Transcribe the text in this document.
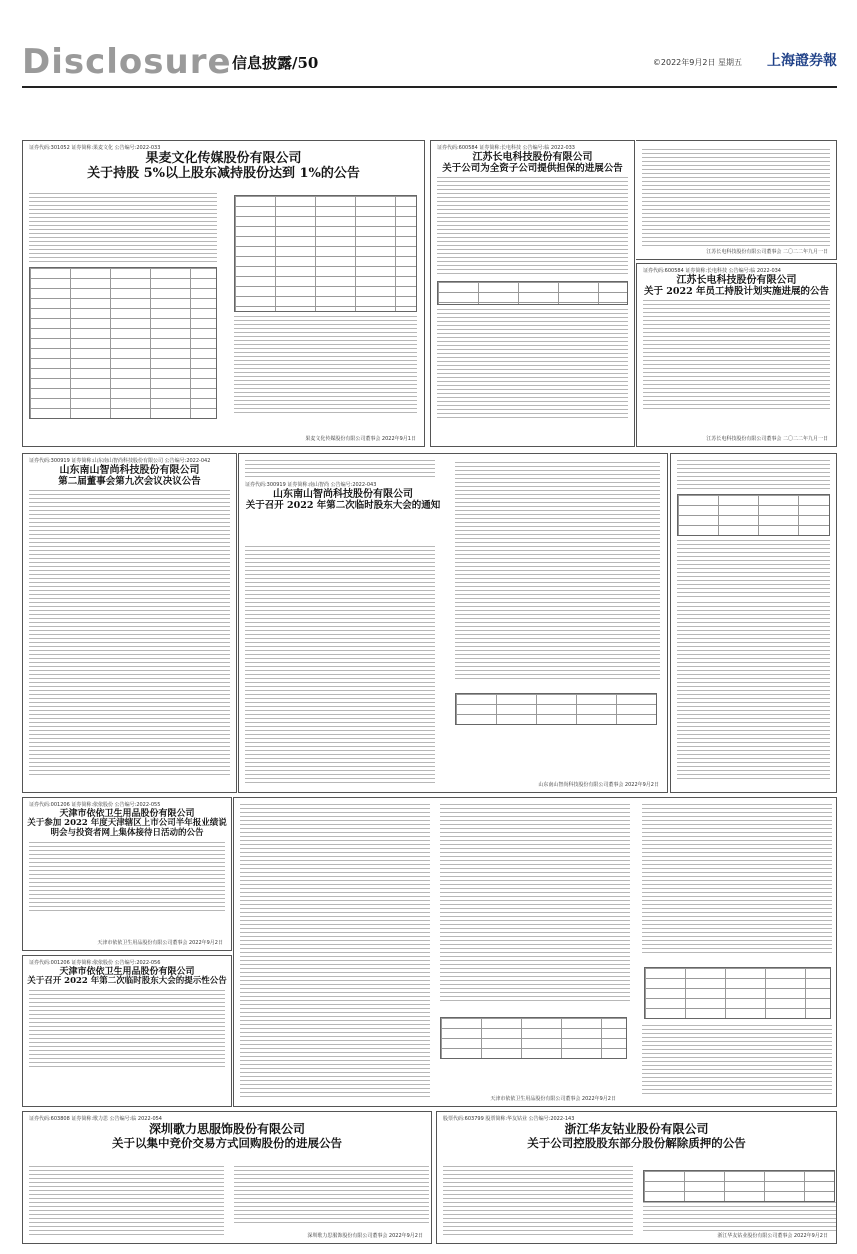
Disclosure 信息披露/50	©2022年9月2日 星期五 上海證券報
证券代码:301052 证券简称:果麦文化 公告编号:2022-033
果麦文化传媒股份有限公司
关于持股 5%以上股东减持股份达到 1%的公告
果麦文化传媒股份有限公司董事会 2022年9月1日
证券代码:600584 证券简称:长电科技 公告编号:临 2022-033
江苏长电科技股份有限公司
关于公司为全资子公司提供担保的进展公告
江苏长电科技股份有限公司董事会 二〇二二年九月一日
证券代码:600584 证券简称:长电科技 公告编号:临 2022-034
江苏长电科技股份有限公司
关于 2022 年员工持股计划实施进展的公告
江苏长电科技股份有限公司董事会 二〇二二年九月一日
证券代码:300919 证券简称:山东南山智尚科技股份有限公司 公告编号:2022-042
山东南山智尚科技股份有限公司
第二届董事会第九次会议决议公告	证券代码:300919 证券简称:南山智尚 公告编号:2022-043
山东南山智尚科技股份有限公司
关于召开 2022 年第二次临时股东大会的通知
山东南山智尚科技股份有限公司董事会 2022年9月2日
证券代码:001206 证券简称:依依股份 公告编号:2022-055
天津市依依卫生用品股份有限公司
关于参加 2022 年度天津辖区上市公司半年报业绩说明会与投资者网上集体接待日活动的公告
天津市依依卫生用品股份有限公司董事会 2022年9月2日
证券代码:001206 证券简称:依依股份 公告编号:2022-056
天津市依依卫生用品股份有限公司
关于召开 2022 年第二次临时股东大会的提示性公告
天津市依依卫生用品股份有限公司董事会 2022年9月2日
证券代码:603808 证券简称:歌力思 公告编号:临 2022-054
深圳歌力思服饰股份有限公司
关于以集中竞价交易方式回购股份的进展公告
深圳歌力思服饰股份有限公司董事会 2022年9月2日
股票代码:603799 股票简称:华友钴业 公告编号:2022-143
浙江华友钴业股份有限公司
关于公司控股股东部分股份解除质押的公告
浙江华友钴业股份有限公司董事会 2022年9月2日
